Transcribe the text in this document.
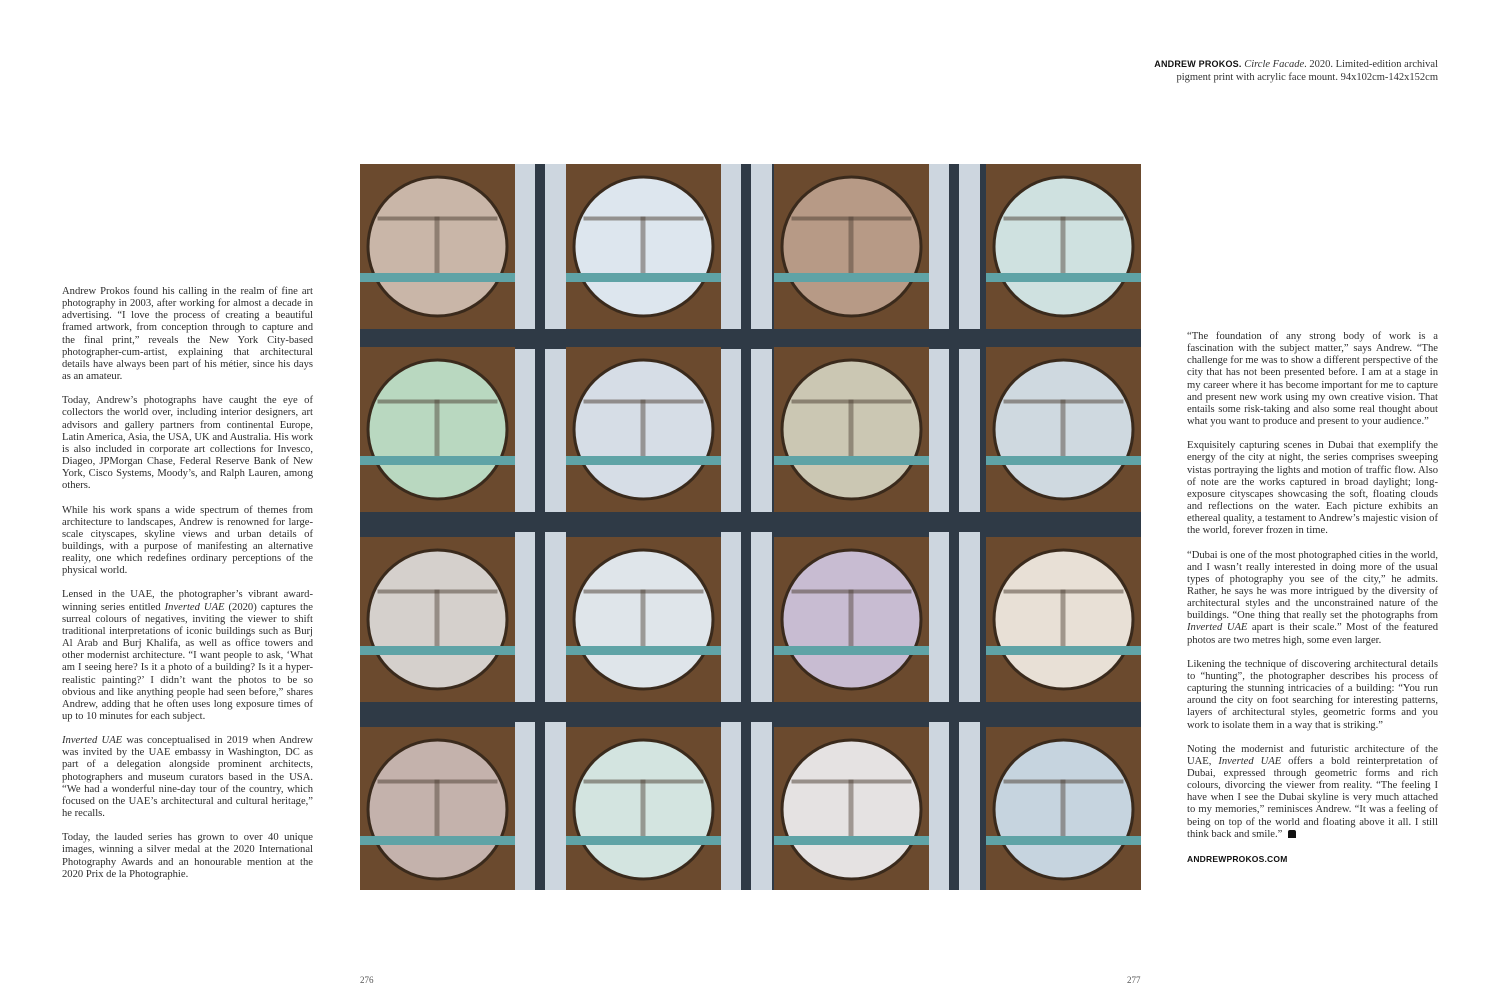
ANDREW PROKOS. Circle Facade. 2020. Limited-edition archival
pigment print with acrylic face mount. 94x102cm-142x152cm

Andrew Prokos found his calling in the realm of fine art photography in 2003, after working for almost a decade in advertising. “I love the process of creating a beautiful framed artwork, from conception through to capture and the final print,” reveals the New York City-based photographer-cum-artist, explaining that architectural details have always been part of his métier, since his days as an amateur.

Today, Andrew’s photographs have caught the eye of collectors the world over, including interior designers, art advisors and gallery partners from continental Europe, Latin America, Asia, the USA, UK and Australia. His work is also included in corporate art collections for Invesco, Diageo, JPMorgan Chase, Federal Reserve Bank of New York, Cisco Systems, Moody’s, and Ralph Lauren, among others.

While his work spans a wide spectrum of themes from architecture to landscapes, Andrew is renowned for large-scale cityscapes, skyline views and urban details of buildings, with a purpose of manifesting an alternative reality, one which redefines ordinary perceptions of the physical world.

Lensed in the UAE, the photographer’s vibrant award-winning series entitled Inverted UAE (2020) captures the surreal colours of negatives, inviting the viewer to shift traditional interpretations of iconic buildings such as Burj Al Arab and Burj Khalifa, as well as office towers and other modernist architecture. “I want people to ask, ‘What am I seeing here? Is it a photo of a building? Is it a hyper-realistic painting?’ I didn’t want the photos to be so obvious and like anything people had seen before,” shares Andrew, adding that he often uses long exposure times of up to 10 minutes for each subject.

Inverted UAE was conceptualised in 2019 when Andrew was invited by the UAE embassy in Washington, DC as part of a delegation alongside prominent architects, photographers and museum curators based in the USA. “We had a wonderful nine-day tour of the country, which focused on the UAE’s architectural and cultural heritage,” he recalls.

Today, the lauded series has grown to over 40 unique images, winning a silver medal at the 2020 International Photography Awards and an honourable mention at the 2020 Prix de la Photographie.

“The foundation of any strong body of work is a fascination with the subject matter,” says Andrew. “The challenge for me was to show a different perspective of the city that has not been presented before. I am at a stage in my career where it has become important for me to capture and present new work using my own creative vision. That entails some risk-taking and also some real thought about what you want to produce and present to your audience.”

Exquisitely capturing scenes in Dubai that exemplify the energy of the city at night, the series comprises sweeping vistas portraying the lights and motion of traffic flow. Also of note are the works captured in broad daylight; long-exposure cityscapes showcasing the soft, floating clouds and reflections on the water. Each picture exhibits an ethereal quality, a testament to Andrew’s majestic vision of the world, forever frozen in time.

“Dubai is one of the most photographed cities in the world, and I wasn’t really interested in doing more of the usual types of photography you see of the city,” he admits. Rather, he says he was more intrigued by the diversity of architectural styles and the unconstrained nature of the buildings. “One thing that really set the photographs from Inverted UAE apart is their scale.” Most of the featured photos are two metres high, some even larger.

Likening the technique of discovering architectural details to “hunting”, the photographer describes his process of capturing the stunning intricacies of a building: “You run around the city on foot searching for interesting patterns, layers of architectural styles, geometric forms and you work to isolate them in a way that is striking.”

Noting the modernist and futuristic architecture of the UAE, Inverted UAE offers a bold reinterpretation of Dubai, expressed through geometric forms and rich colours, divorcing the viewer from reality. “The feeling I have when I see the Dubai skyline is very much attached to my memories,” reminisces Andrew. “It was a feeling of being on top of the world and floating above it all. I still think back and smile.”

ANDREWPROKOS.COM
276	277
